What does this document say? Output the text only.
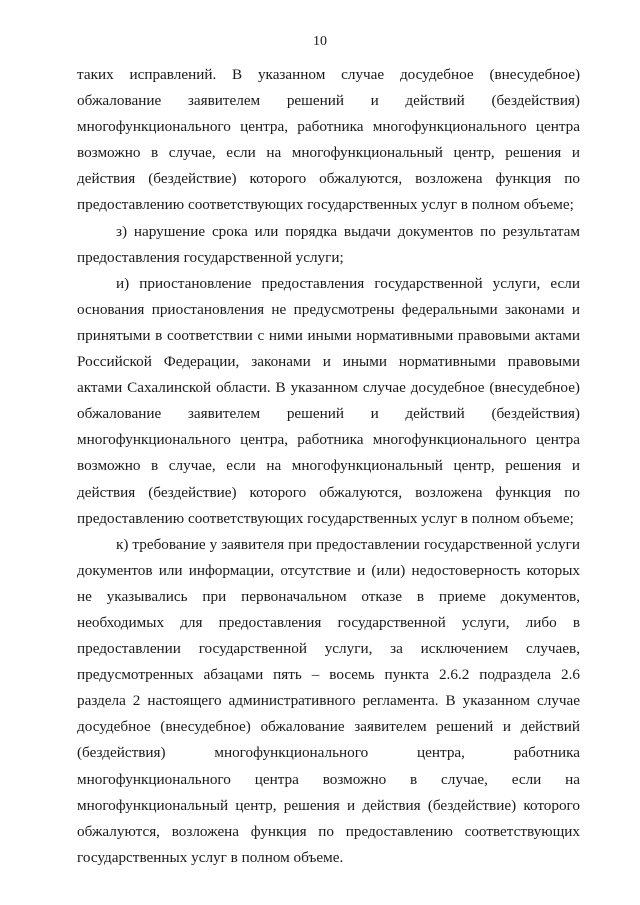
10

таких исправлений. В указанном случае досудебное (внесудебное) обжалование заявителем решений и действий (бездействия) многофункционального центра, работника многофункционального центра возможно в случае, если на многофункциональный центр, решения и действия (бездействие) которого обжалуются, возложена функция по предоставлению соответствующих государственных услуг в полном объеме;

з) нарушение срока или порядка выдачи документов по результатам предоставления государственной услуги;

и) приостановление предоставления государственной услуги, если основания приостановления не предусмотрены федеральными законами и принятыми в соответствии с ними иными нормативными правовыми актами Российской Федерации, законами и иными нормативными правовыми актами Сахалинской области. В указанном случае досудебное (внесудебное) обжалование заявителем решений и действий (бездействия) многофункционального центра, работника многофункционального центра возможно в случае, если на многофункциональный центр, решения и действия (бездействие) которого обжалуются, возложена функция по предоставлению соответствующих государственных услуг в полном объеме;

к) требование у заявителя при предоставлении государственной услуги документов или информации, отсутствие и (или) недостоверность которых не указывались при первоначальном отказе в приеме документов, необходимых для предоставления государственной услуги, либо в предоставлении государственной услуги, за исключением случаев, предусмотренных абзацами пять – восемь пункта 2.6.2 подраздела 2.6 раздела 2 настоящего административного регламента. В указанном случае досудебное (внесудебное) обжалование заявителем решений и действий (бездействия) многофункционального центра, работника многофункционального центра возможно в случае, если на многофункциональный центр, решения и действия (бездействие) которого обжалуются, возложена функция по предоставлению соответствующих государственных услуг в полном объеме.
